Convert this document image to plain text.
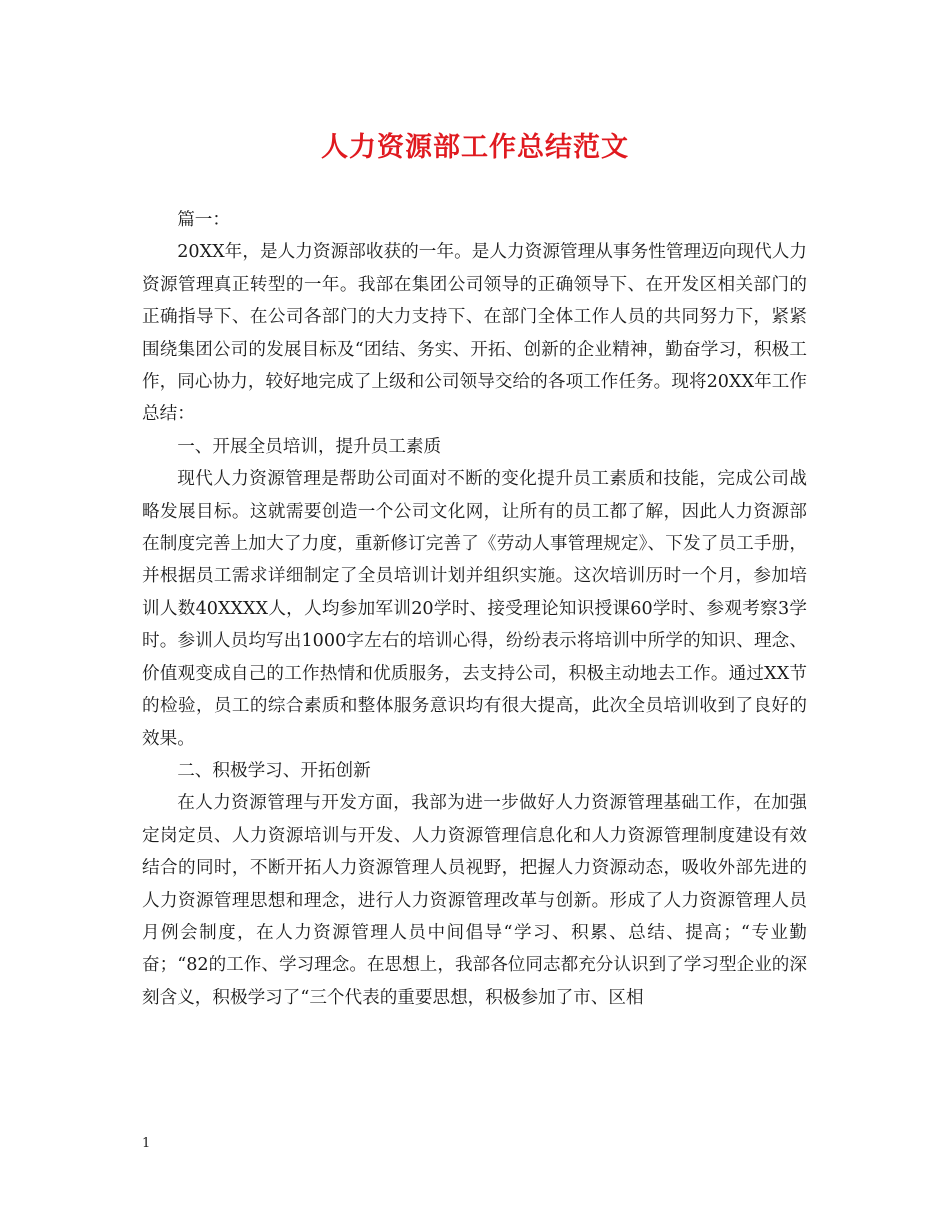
人力资源部工作总结范文

篇一：

20XX年，是人力资源部收获的一年。是人力资源管理从事务性管理迈向现代人力资源管理真正转型的一年。我部在集团公司领导的正确领导下、在开发区相关部门的正确指导下、在公司各部门的大力支持下、在部门全体工作人员的共同努力下，紧紧围绕集团公司的发展目标及“团结、务实、开拓、创新的企业精神，勤奋学习，积极工作，同心协力，较好地完成了上级和公司领导交给的各项工作任务。现将20XX年工作总结：

一、开展全员培训，提升员工素质

现代人力资源管理是帮助公司面对不断的变化提升员工素质和技能，完成公司战略发展目标。这就需要创造一个公司文化网，让所有的员工都了解，因此人力资源部在制度完善上加大了力度，重新修订完善了《劳动人事管理规定》、下发了员工手册，并根据员工需求详细制定了全员培训计划并组织实施。这次培训历时一个月，参加培训人数40XXXX人，人均参加军训20学时、接受理论知识授课60学时、参观考察3学时。参训人员均写出1000字左右的培训心得，纷纷表示将培训中所学的知识、理念、价值观变成自己的工作热情和优质服务，去支持公司，积极主动地去工作。通过XX节的检验，员工的综合素质和整体服务意识均有很大提高，此次全员培训收到了良好的效果。

二、积极学习、开拓创新

在人力资源管理与开发方面，我部为进一步做好人力资源管理基础工作，在加强定岗定员、人力资源培训与开发、人力资源管理信息化和人力资源管理制度建设有效结合的同时，不断开拓人力资源管理人员视野，把握人力资源动态，吸收外部先进的人力资源管理思想和理念，进行人力资源管理改革与创新。形成了人力资源管理人员月例会制度，在人力资源管理人员中间倡导“学习、积累、总结、提高；“专业勤奋；“82的工作、学习理念。在思想上，我部各位同志都充分认识到了学习型企业的深刻含义，积极学习了“三个代表的重要思想，积极参加了市、区相

1
